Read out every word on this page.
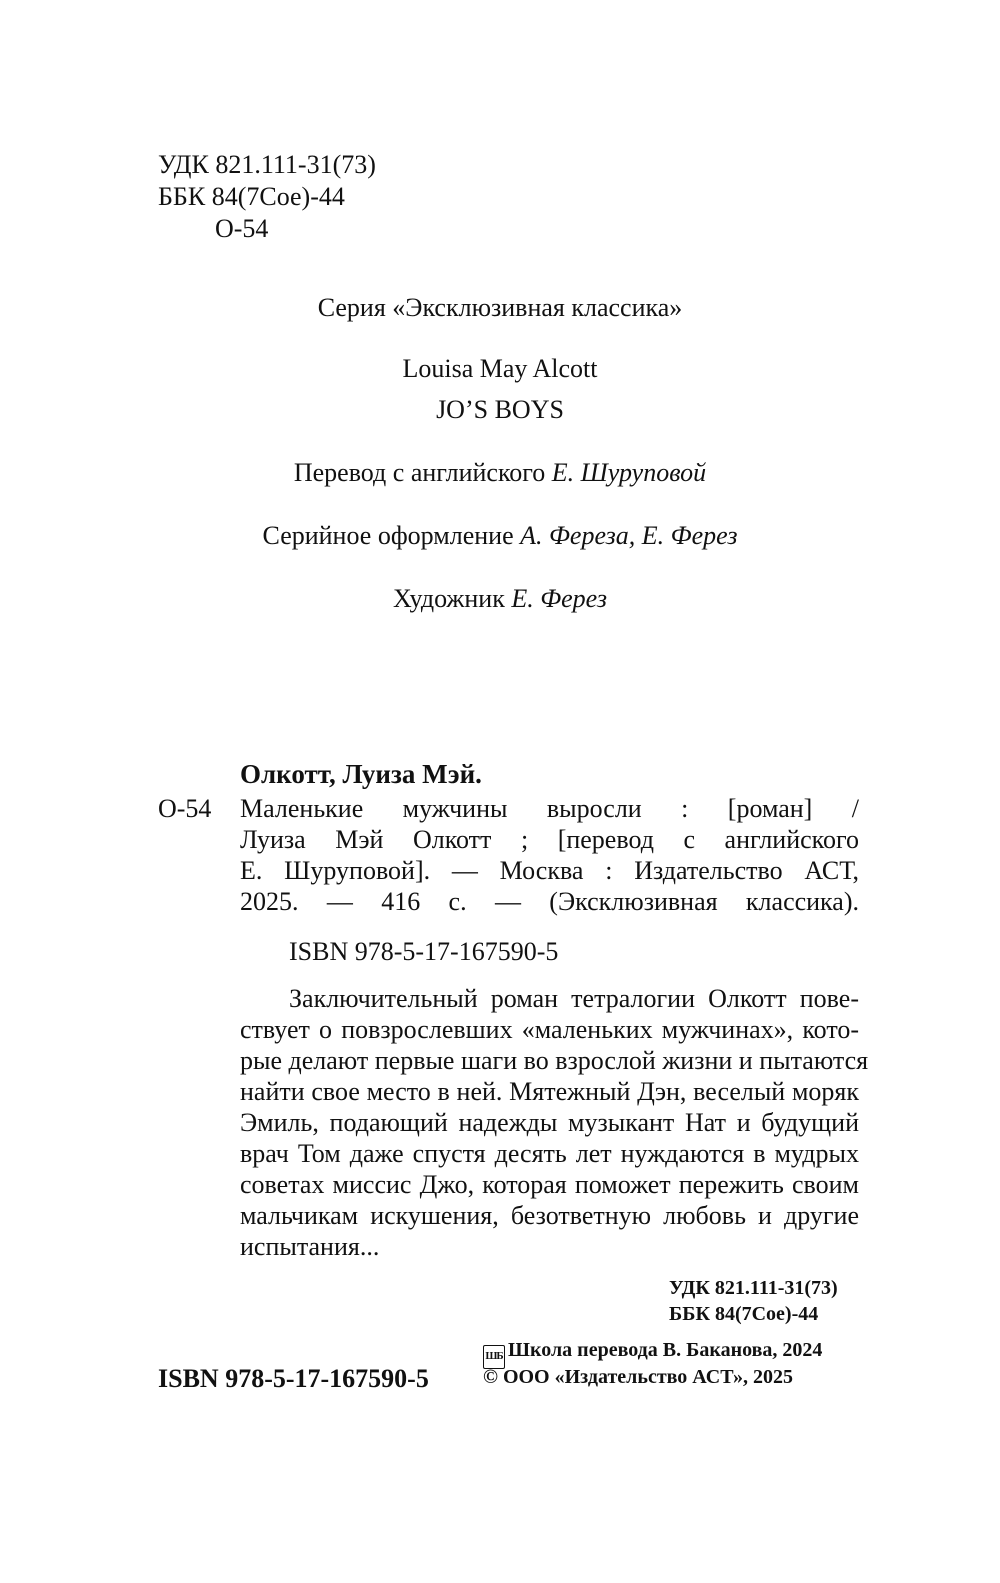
УДК 821.111-31(73)
ББК 84(7Сое)-44
О-54
Серия «Эксклюзивная классика»
Louisa May Alcott
JO’S BOYS
Перевод с английского Е. Шуруповой
Серийное оформление А. Фереза, Е. Ферез
Художник Е. Ферез
Олкотт, Луиза Мэй.
О-54 Маленькие мужчины выросли : [роман] /
Луиза Мэй Олкотт ; [перевод с английского
Е. Шуруповой]. — Москва : Издательство АСТ,
2025. — 416 с. — (Эксклюзивная классика).
ISBN 978-5-17-167590-5
Заключительный роман тетралогии Олкотт пове-
ствует о повзрослевших «маленьких мужчинах», кото-
рые делают первые шаги во взрослой жизни и пытаются
найти свое место в ней. Мятежный Дэн, веселый моряк
Эмиль, подающий надежды музыкант Нат и будущий
врач Том даже спустя десять лет нуждаются в мудрых
советах миссис Джо, которая поможет пережить своим
мальчикам искушения, безответную любовь и другие
испытания...
УДК 821.111-31(73)
ББК 84(7Сое)-44
ISBN 978-5-17-167590-5
ШБ Школа перевода В. Баканова, 2024
© ООО «Издательство АСТ», 2025
